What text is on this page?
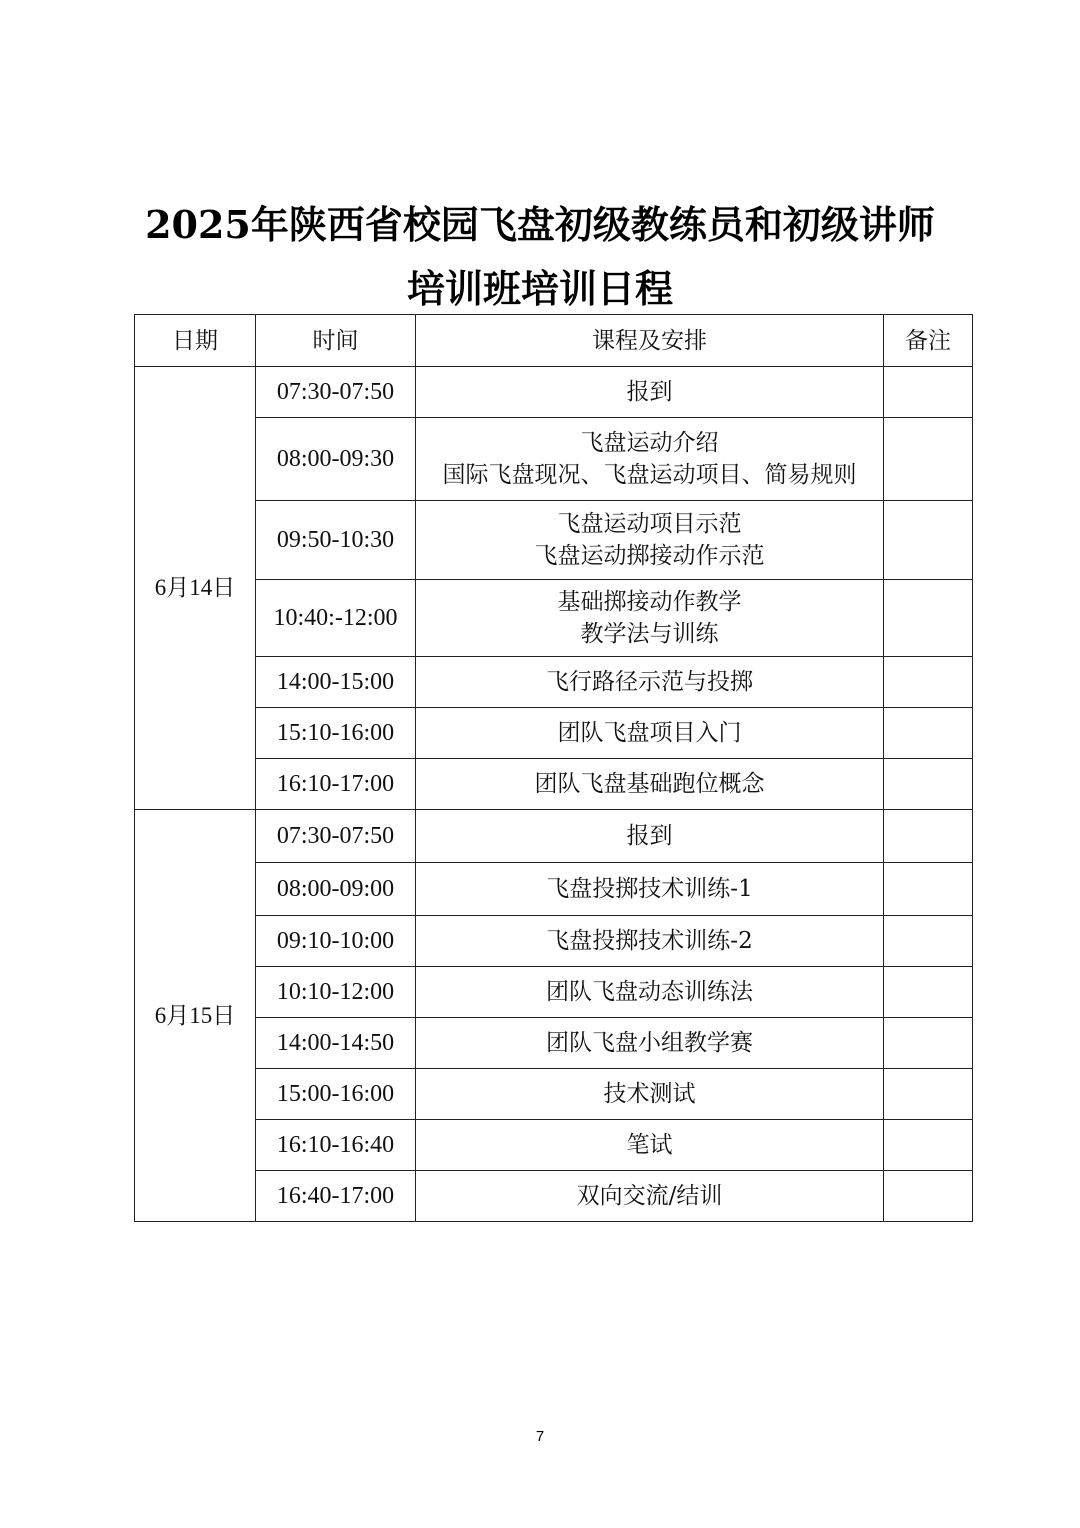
2025年陕西省校园飞盘初级教练员和初级讲师
培训班培训日程
日期	时间	课程及安排	备注
6月14日	07:30-07:50	报到	

	08:00-09:30	飞盘运动介绍
国际飞盘现况、飞盘运动项目、简易规则	

	09:50-10:30	飞盘运动项目示范
飞盘运动掷接动作示范	

	10:40:-12:00	基础掷接动作教学
教学法与训练	

	14:00-15:00	飞行路径示范与投掷	

	15:10-16:00	团队飞盘项目入门	

	16:10-17:00	团队飞盘基础跑位概念	

6月15日	07:30-07:50	报到	

	08:00-09:00	飞盘投掷技术训练-1	

	09:10-10:00	飞盘投掷技术训练-2	

	10:10-12:00	团队飞盘动态训练法	

	14:00-14:50	团队飞盘小组教学赛	

	15:00-16:00	技术测试	

	16:10-16:40	笔试	

	16:40-17:00	双向交流/结训	

7
